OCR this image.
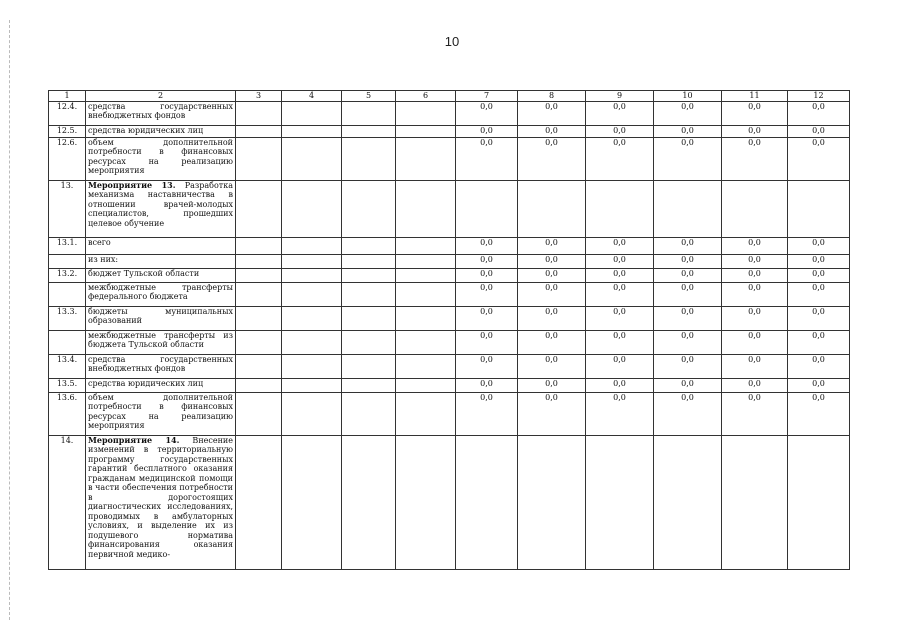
10
1	2	3	4	5	6	7	8	9	10	11	12
12.4.	средства государственных внебюджетных фондов					0,0	0,0	0,0	0,0	0,0	0,0
12.5.	средства юридических лиц					0,0	0,0	0,0	0,0	0,0	0,0
12.6.	объем дополнительной потребности в финансовых ресурсах на реализацию мероприятия					0,0	0,0	0,0	0,0	0,0	0,0
13.	Мероприятие 13. Разработка механизма наставничества в отношении врачей-молодых специалистов, прошедших целевое обучение										
13.1.	всего					0,0	0,0	0,0	0,0	0,0	0,0
	из них:					0,0	0,0	0,0	0,0	0,0	0,0
13.2.	бюджет Тульской области					0,0	0,0	0,0	0,0	0,0	0,0
	межбюджетные трансферты федерального бюджета					0,0	0,0	0,0	0,0	0,0	0,0
13.3.	бюджеты муниципальных образований					0,0	0,0	0,0	0,0	0,0	0,0
	межбюджетные трансферты из бюджета Тульской области					0,0	0,0	0,0	0,0	0,0	0,0
13.4.	средства государственных внебюджетных фондов					0,0	0,0	0,0	0,0	0,0	0,0
13.5.	средства юридических лиц					0,0	0,0	0,0	0,0	0,0	0,0
13.6.	объем дополнительной потребности в финансовых ресурсах на реализацию мероприятия					0,0	0,0	0,0	0,0	0,0	0,0
14.	Мероприятие 14. Внесение изменений в территориальную программу государственных гарантий бесплатного оказания гражданам медицинской помощи в части обеспечения потребности в дорогостоящих диагностических исследованиях, проводимых в амбулаторных условиях, и выделение их из подушевого норматива финансирования оказания первичной медико-										
